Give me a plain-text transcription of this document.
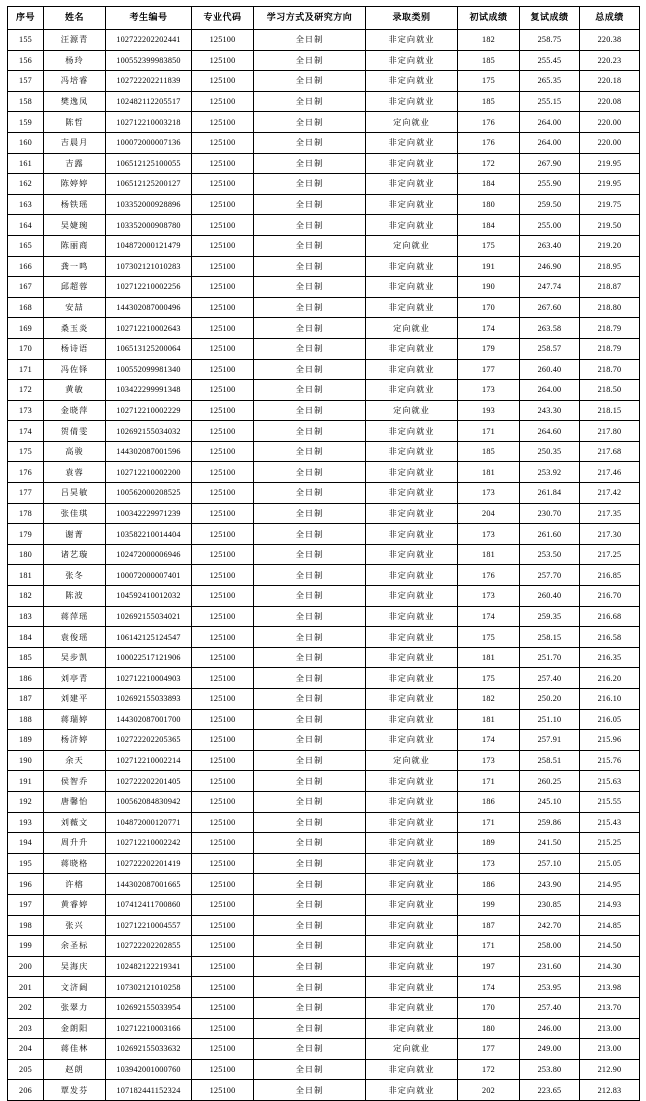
序号	姓名	考生编号	专业代码	学习方式及研究方向	录取类别	初试成绩	复试成绩	总成绩
155	汪源青	102722202202441	125100	全日制	非定向就业	182	258.75	220.38
156	杨玲	100552399983850	125100	全日制	非定向就业	185	255.45	220.23
157	冯培睿	102722202211839	125100	全日制	非定向就业	175	265.35	220.18
158	樊逸凤	102482112205517	125100	全日制	非定向就业	185	255.15	220.08
159	陈哲	102712210003218	125100	全日制	定向就业	176	264.00	220.00
160	吉晨月	100072000007136	125100	全日制	非定向就业	176	264.00	220.00
161	吉露	106512125100055	125100	全日制	非定向就业	172	267.90	219.95
162	陈婷婷	106512125200127	125100	全日制	非定向就业	184	255.90	219.95
163	杨铁瑶	103352000928896	125100	全日制	非定向就业	180	259.50	219.75
164	吴婕琬	103352000908780	125100	全日制	非定向就业	184	255.00	219.50
165	陈丽商	104872000121479	125100	全日制	定向就业	175	263.40	219.20
166	龚一鸣	107302121010283	125100	全日制	非定向就业	191	246.90	218.95
167	邱超蓉	102712210002256	125100	全日制	非定向就业	190	247.74	218.87
168	安喆	144302087000496	125100	全日制	非定向就业	170	267.60	218.80
169	桑玉炎	102712210002643	125100	全日制	定向就业	174	263.58	218.79
170	杨诗语	106513125200064	125100	全日制	非定向就业	179	258.57	218.79
171	冯佐铎	100552099981340	125100	全日制	非定向就业	177	260.40	218.70
172	黄敏	103422299991348	125100	全日制	非定向就业	173	264.00	218.50
173	金晓萍	102712210002229	125100	全日制	定向就业	193	243.30	218.15
174	贺倩雯	102692155034032	125100	全日制	非定向就业	171	264.60	217.80
175	高骏	144302087001596	125100	全日制	非定向就业	185	250.35	217.68
176	袁蓉	102712210002200	125100	全日制	非定向就业	181	253.92	217.46
177	吕昊敏	100562000208525	125100	全日制	非定向就业	173	261.84	217.42
178	张佳琪	100342229971239	125100	全日制	非定向就业	204	230.70	217.35
179	谢菁	103582210014404	125100	全日制	非定向就业	173	261.60	217.30
180	诸艺璇	102472000006946	125100	全日制	非定向就业	181	253.50	217.25
181	张冬	100072000007401	125100	全日制	非定向就业	176	257.70	216.85
182	陈波	104592410012032	125100	全日制	非定向就业	173	260.40	216.70
183	蒋萍瑶	102692155034021	125100	全日制	非定向就业	174	259.35	216.68
184	袁俊瑶	106142125124547	125100	全日制	非定向就业	175	258.15	216.58
185	吴步凯	100022517121906	125100	全日制	非定向就业	181	251.70	216.35
186	刘亭青	102712210004903	125100	全日制	非定向就业	175	257.40	216.20
187	刘建平	102692155033893	125100	全日制	非定向就业	182	250.20	216.10
188	蒋瑞婷	144302087001700	125100	全日制	非定向就业	181	251.10	216.05
189	杨济婷	102722202205365	125100	全日制	非定向就业	174	257.91	215.96
190	余天	102712210002214	125100	全日制	定向就业	173	258.51	215.76
191	侯智乔	102722202201405	125100	全日制	非定向就业	171	260.25	215.63
192	唐馨怡	100562084830942	125100	全日制	非定向就业	186	245.10	215.55
193	刘薇文	104872000120771	125100	全日制	非定向就业	171	259.86	215.43
194	周升升	102712210002242	125100	全日制	非定向就业	189	241.50	215.25
195	蒋晓格	102722202201419	125100	全日制	非定向就业	173	257.10	215.05
196	许榕	144302087001665	125100	全日制	非定向就业	186	243.90	214.95
197	黄睿婷	107412411700860	125100	全日制	非定向就业	199	230.85	214.93
198	张兴	102712210004557	125100	全日制	非定向就业	187	242.70	214.85
199	余圣标	102722202202855	125100	全日制	非定向就业	171	258.00	214.50
200	吴海庆	102482122219341	125100	全日制	非定向就业	197	231.60	214.30
201	文济阔	107302121010258	125100	全日制	非定向就业	174	253.95	213.98
202	张翠力	102692155033954	125100	全日制	非定向就业	170	257.40	213.70
203	金朗阳	102712210003166	125100	全日制	非定向就业	180	246.00	213.00
204	蒋佳林	102692155033632	125100	全日制	定向就业	177	249.00	213.00
205	赵朗	103942001000760	125100	全日制	非定向就业	172	253.80	212.90
206	覃发芬	107182441152324	125100	全日制	非定向就业	202	223.65	212.83
